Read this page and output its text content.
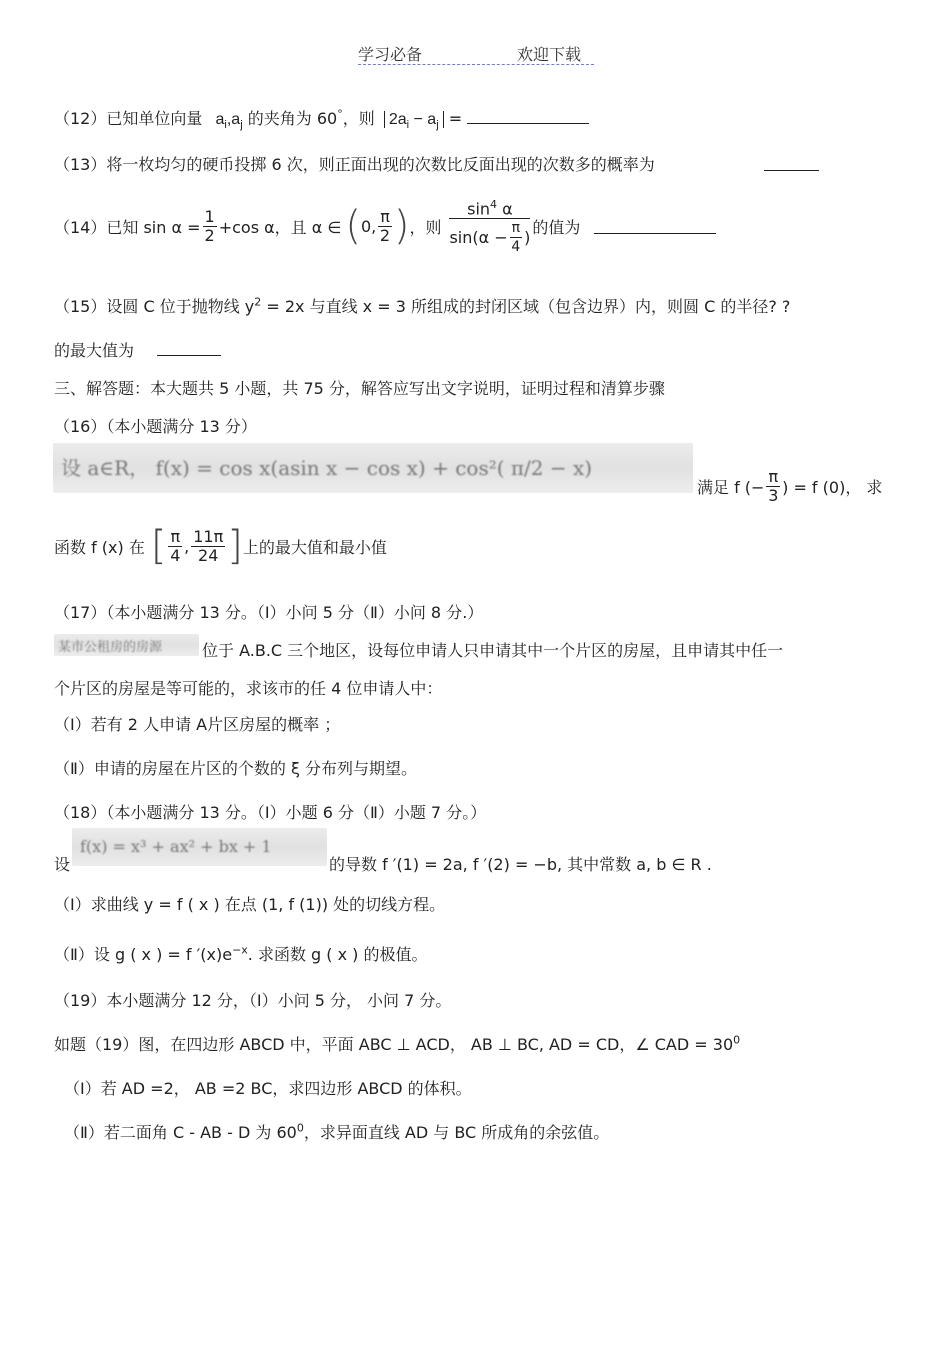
学习必备	欢迎下载
（12）已知单位向量 $a_i,a_j$ 的夹角为 60°，则 $2a_i - a_j$ =
（13）将一枚均匀的硬币投掷 6 次，则正面出现的次数比反面出现的次数多的概率为
（14） 已知 $\sin \alpha = \frac{1}{2} +\cos$ α，且 α ∈ ( 0, $\frac{\pi}{2}$ ) ，则 $\frac{\sin^4 \alpha}{\sin(\alpha - \frac{\pi}{4} )}$ 的值为
（15）设圆 C 位于抛物线 $y^2 = 2x$ 与直线 x = 3 所组成的封闭区域（包含边界）内，则圆 C 的半径? ?
的最大值为
三、解答题：本大题共 5 小题，共 75 分，解答应写出文字说明，证明过程和清算步骤
（16）（本小题满分 13 分）
设 a∈R， f(x) = cos x(asin x − cos x) + cos²( π/2 − x)
满足 f (− $\frac{\pi}{3}$ ) = f (0)， 求
函数 f (x) 在 [ $\frac{\pi}{4}$ , $\frac{11\pi}{24}$ ] 上的最大值和最小值
（17）（本小题满分 13 分。（Ⅰ）小问 5 分（Ⅱ）小问 8 分.）
某市公租房的房源	位于 A.B.C 三个地区，设每位申请人只申请其中一个片区的房屋，且申请其中任一
个片区的房屋是等可能的，求该市的任 4 位申请人中：
（Ⅰ）若有 2 人申请 A片区房屋的概率 ；
（Ⅱ）申请的房屋在片区的个数的 ξ 分布列与期望。
（18）（本小题满分 13 分。（Ⅰ）小题 6 分（Ⅱ）小题 7 分。）
设
f(x) = x³ + ax² + bx + 1
的导数 f ′(1) = 2a, f ′(2) = −b, 其中常数 a, b ∈ R .
（Ⅰ）求曲线 y = f ( x ) 在点 (1, f (1)) 处的切线方程。
（Ⅱ）设 g ( x ) = f $'(x)e^{-x}$. 求函数 g ( x ) 的极值。
（19）本小题满分 12 分，（Ⅰ）小问 5 分， 小问 7 分。
如题（19）图，在四边形 ABCD 中，平面 ABC ⊥ ACD， AB ⊥ BC, AD = CD，∠ CAD = $30^0$
（Ⅰ）若 AD =2， AB =2 BC，求四边形 ABCD 的体积。
（Ⅱ）若二面角 C - AB - D 为 $60^0$，求异面直线 AD 与 BC 所成角的余弦值。
